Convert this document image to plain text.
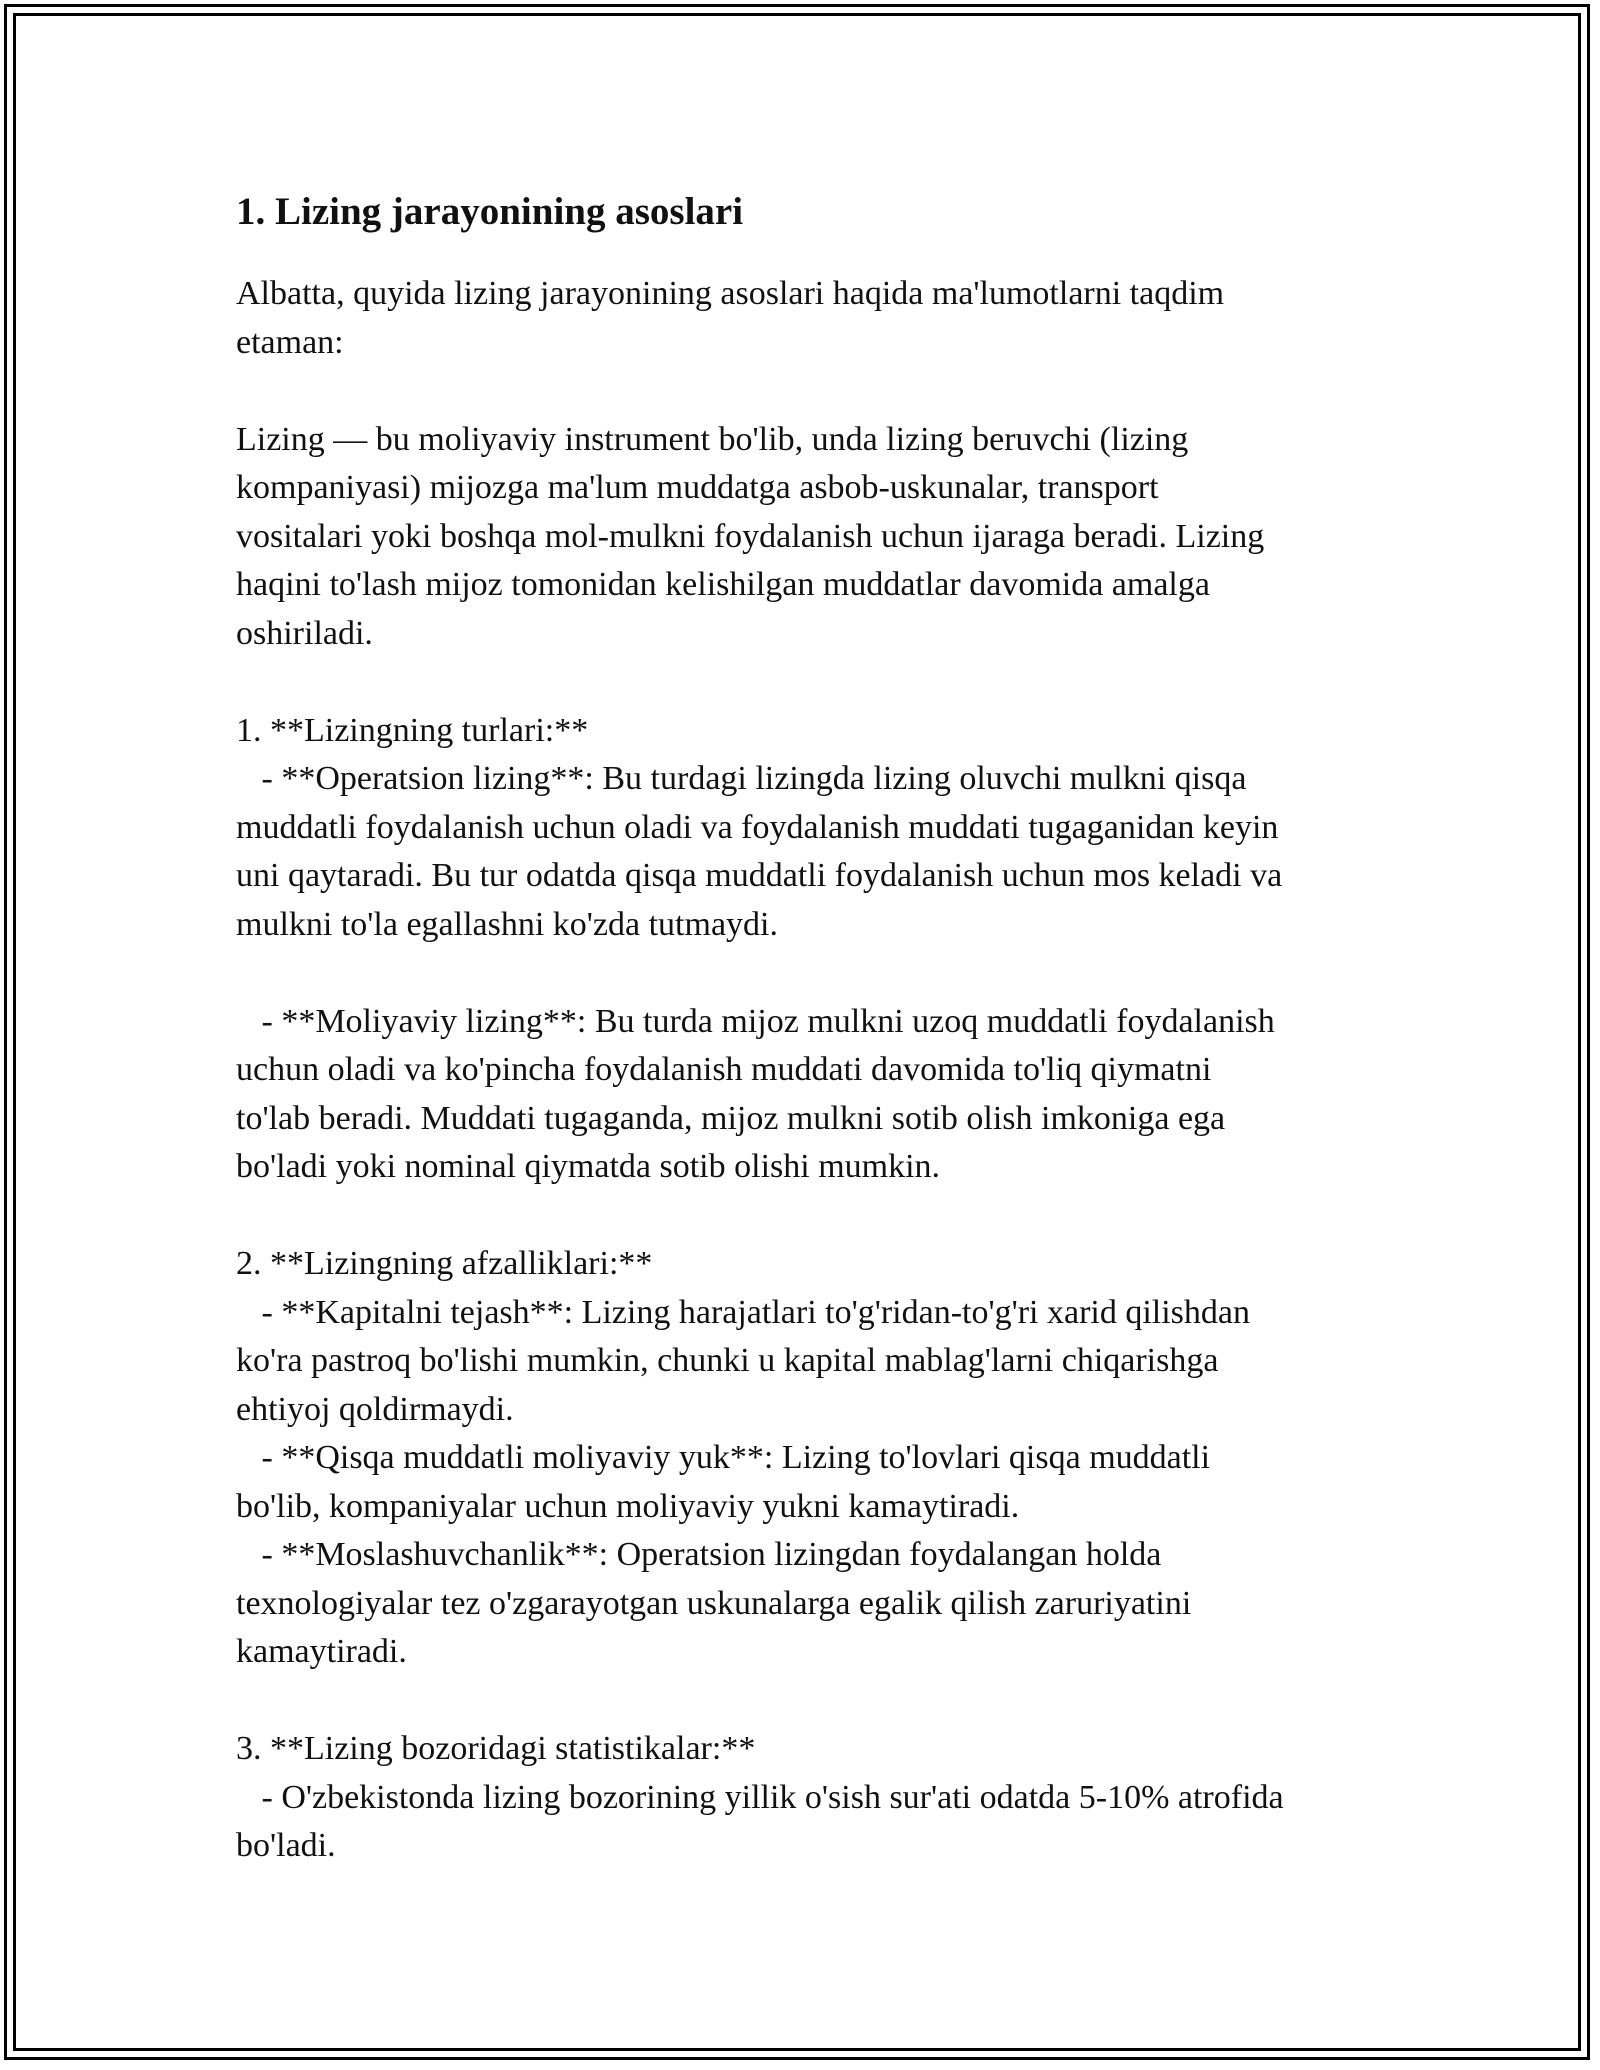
1. Lizing jarayonining asoslari

Albatta, quyida lizing jarayonining asoslari haqida ma'lumotlarni taqdim
etaman:

Lizing — bu moliyaviy instrument bo'lib, unda lizing beruvchi (lizing
kompaniyasi) mijozga ma'lum muddatga asbob-uskunalar, transport
vositalari yoki boshqa mol-mulkni foydalanish uchun ijaraga beradi. Lizing
haqini to'lash mijoz tomonidan kelishilgan muddatlar davomida amalga
oshiriladi.

1. **Lizingning turlari:**
- **Operatsion lizing**: Bu turdagi lizingda lizing oluvchi mulkni qisqa
muddatli foydalanish uchun oladi va foydalanish muddati tugaganidan keyin
uni qaytaradi. Bu tur odatda qisqa muddatli foydalanish uchun mos keladi va
mulkni to'la egallashni ko'zda tutmaydi.

- **Moliyaviy lizing**: Bu turda mijoz mulkni uzoq muddatli foydalanish
uchun oladi va ko'pincha foydalanish muddati davomida to'liq qiymatni
to'lab beradi. Muddati tugaganda, mijoz mulkni sotib olish imkoniga ega
bo'ladi yoki nominal qiymatda sotib olishi mumkin.

2. **Lizingning afzalliklari:**
- **Kapitalni tejash**: Lizing harajatlari to'g'ridan-to'g'ri xarid qilishdan
ko'ra pastroq bo'lishi mumkin, chunki u kapital mablag'larni chiqarishga
ehtiyoj qoldirmaydi.
- **Qisqa muddatli moliyaviy yuk**: Lizing to'lovlari qisqa muddatli
bo'lib, kompaniyalar uchun moliyaviy yukni kamaytiradi.
- **Moslashuvchanlik**: Operatsion lizingdan foydalangan holda
texnologiyalar tez o'zgarayotgan uskunalarga egalik qilish zaruriyatini
kamaytiradi.

3. **Lizing bozoridagi statistikalar:**
- O'zbekistonda lizing bozorining yillik o'sish sur'ati odatda 5-10% atrofida
bo'ladi.
